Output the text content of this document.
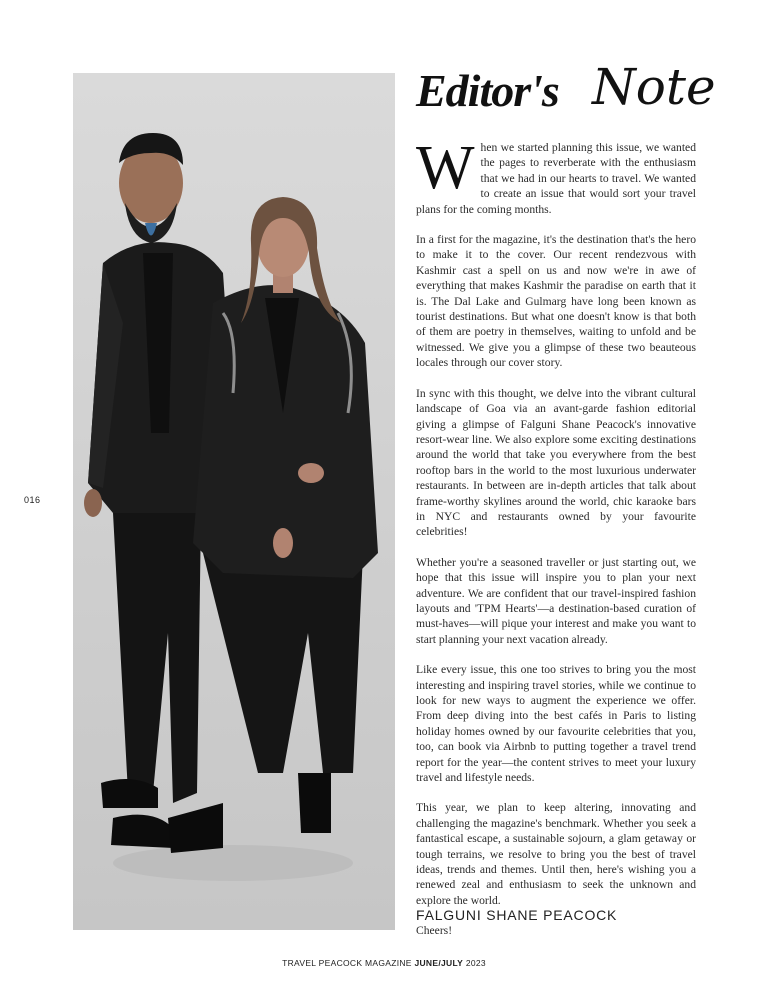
016
Editor's Note

When we started planning this issue, we wanted the pages to reverberate with the enthusiasm that we had in our hearts to travel. We wanted to create an issue that would sort your travel plans for the coming months.

In a first for the magazine, it's the destination that's the hero to make it to the cover. Our recent rendezvous with Kashmir cast a spell on us and now we're in awe of everything that makes Kashmir the paradise on earth that it is. The Dal Lake and Gulmarg have long been known as tourist destinations. But what one doesn't know is that both of them are poetry in themselves, waiting to unfold and be witnessed. We give you a glimpse of these two beauteous locales through our cover story.

In sync with this thought, we delve into the vibrant cultural landscape of Goa via an avant-garde fashion editorial giving a glimpse of Falguni Shane Peacock's innovative resort-wear line. We also explore some exciting destinations around the world that take you everywhere from the best rooftop bars in the world to the most luxurious underwater restaurants. In between are in-depth articles that talk about frame-worthy skylines around the world, chic karaoke bars in NYC and restaurants owned by your favourite celebrities!

Whether you're a seasoned traveller or just starting out, we hope that this issue will inspire you to plan your next adventure. We are confident that our travel-inspired fashion layouts and 'TPM Hearts'—a destination-based curation of must-haves—will pique your interest and make you want to start planning your next vacation already.

Like every issue, this one too strives to bring you the most interesting and inspiring travel stories, while we continue to look for new ways to augment the experience we offer. From deep diving into the best cafés in Paris to listing holiday homes owned by our favourite celebrities that you, too, can book via Airbnb to putting together a travel trend report for the year—the content strives to meet your luxury travel and lifestyle needs.

This year, we plan to keep altering, innovating and challenging the magazine's benchmark. Whether you seek a fantastical escape, a sustainable sojourn, a glam getaway or tough terrains, we resolve to bring you the best of travel ideas, trends and themes. Until then, here's wishing you a renewed zeal and enthusiasm to seek the unknown and explore the world.

Cheers!

FALGUNI SHANE PEACOCK
TRAVEL PEACOCK MAGAZINE JUNE/JULY 2023
